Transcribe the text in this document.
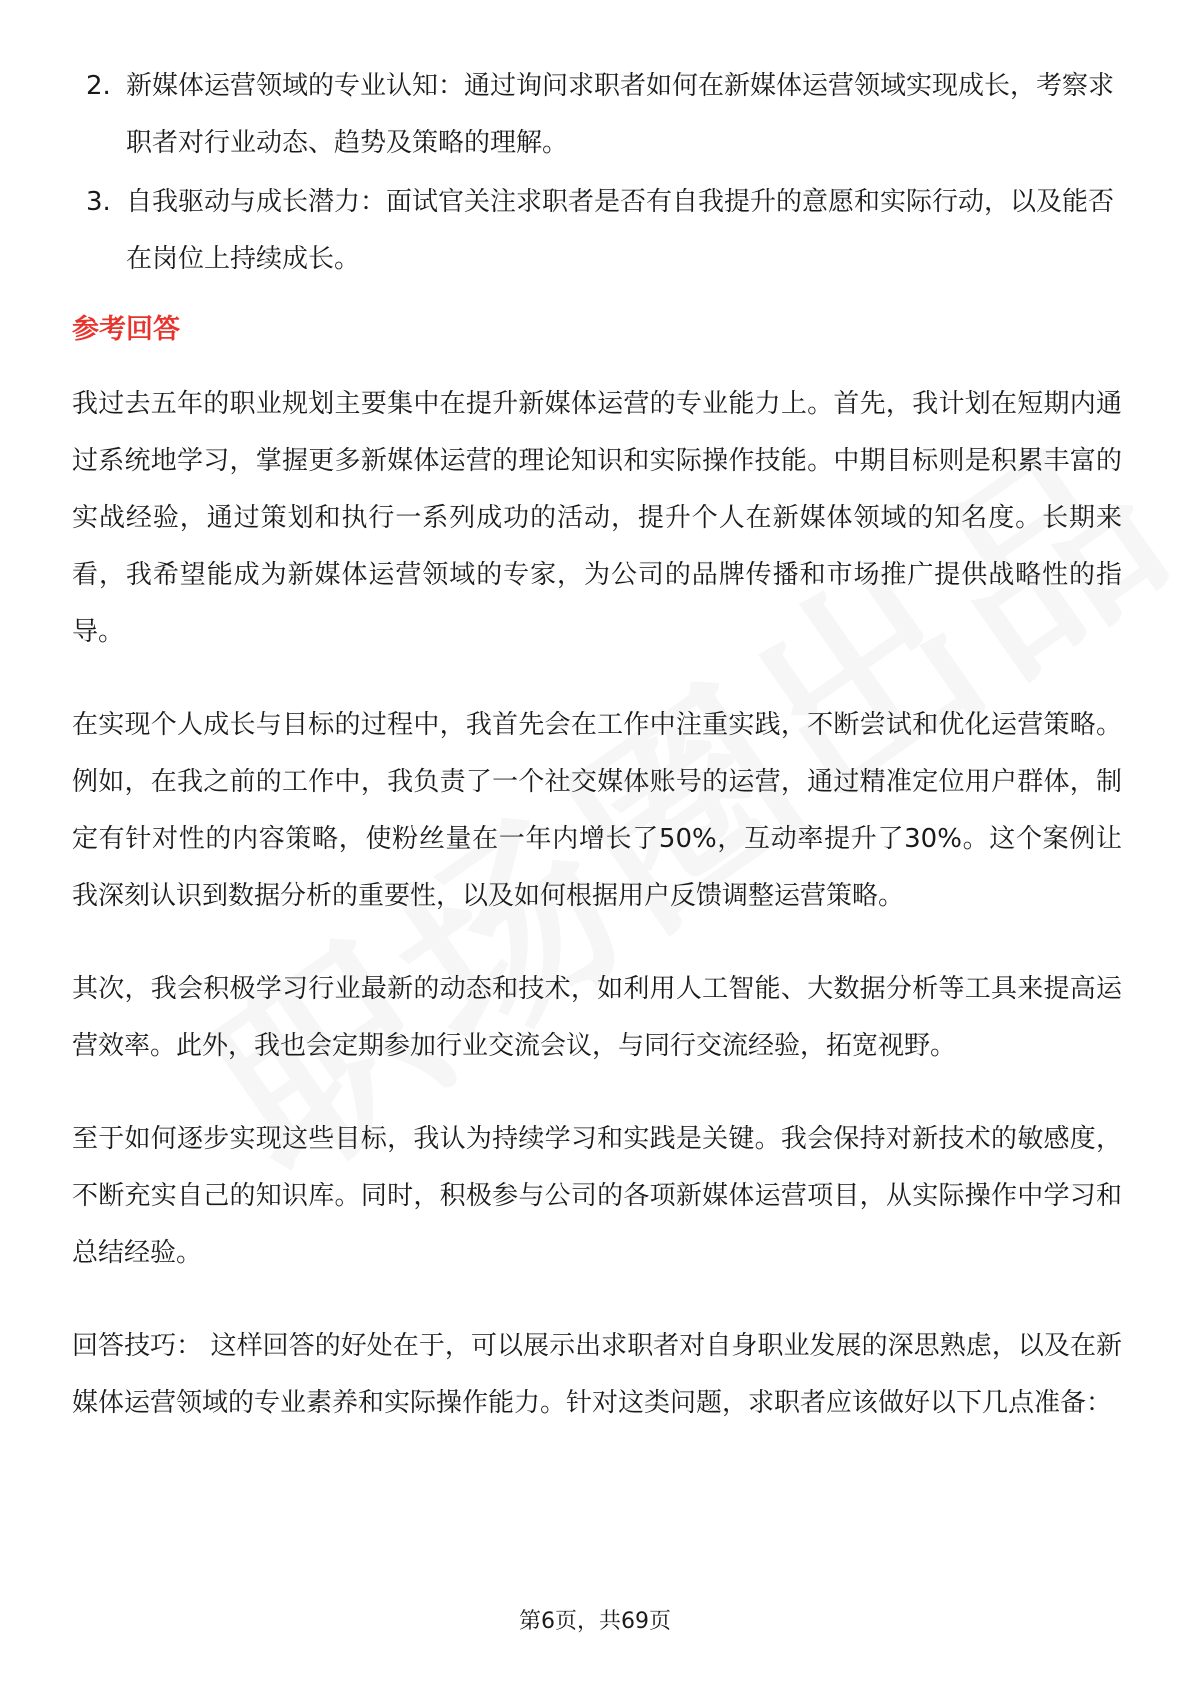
2. 新媒体运营领域的专业认知：通过询问求职者如何在新媒体运营领域实现成长，考察求职者对行业动态、趋势及策略的理解。
3. 自我驱动与成长潜力：面试官关注求职者是否有自我提升的意愿和实际行动，以及能否在岗位上持续成长。
参考回答

我过去五年的职业规划主要集中在提升新媒体运营的专业能力上。首先，我计划在短期内通过系统地学习，掌握更多新媒体运营的理论知识和实际操作技能。中期目标则是积累丰富的实战经验，通过策划和执行一系列成功的活动，提升个人在新媒体领域的知名度。长期来看，我希望能成为新媒体运营领域的专家，为公司的品牌传播和市场推广提供战略性的指导。

在实现个人成长与目标的过程中，我首先会在工作中注重实践，不断尝试和优化运营策略。例如，在我之前的工作中，我负责了一个社交媒体账号的运营，通过精准定位用户群体，制定有针对性的内容策略，使粉丝量在一年内增长了50%，互动率提升了30%。这个案例让我深刻认识到数据分析的重要性，以及如何根据用户反馈调整运营策略。

其次，我会积极学习行业最新的动态和技术，如利用人工智能、大数据分析等工具来提高运营效率。此外，我也会定期参加行业交流会议，与同行交流经验，拓宽视野。

至于如何逐步实现这些目标，我认为持续学习和实践是关键。我会保持对新技术的敏感度，不断充实自己的知识库。同时，积极参与公司的各项新媒体运营项目，从实际操作中学习和总结经验。

回答技巧： 这样回答的好处在于，可以展示出求职者对自身职业发展的深思熟虑，以及在新媒体运营领域的专业素养和实际操作能力。针对这类问题，求职者应该做好以下几点准备：

第6页，共69页
